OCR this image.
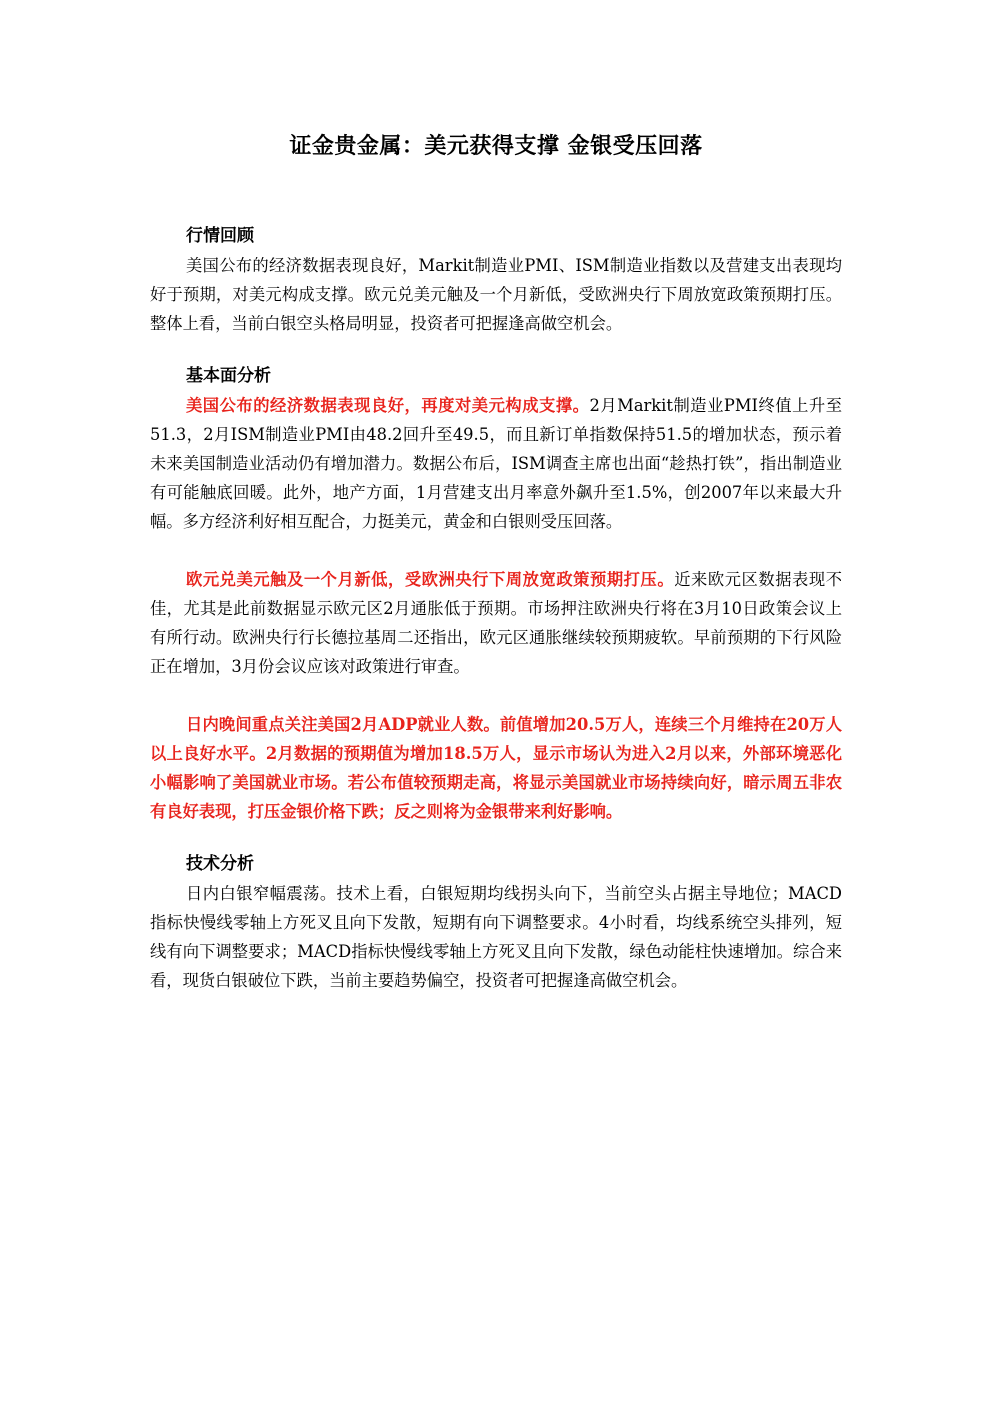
证金贵金属：美元获得支撑 金银受压回落

行情回顾

美国公布的经济数据表现良好，Markit制造业PMI、ISM制造业指数以及营建支出表现均好于预期，对美元构成支撑。欧元兑美元触及一个月新低，受欧洲央行下周放宽政策预期打压。整体上看，当前白银空头格局明显，投资者可把握逢高做空机会。

基本面分析

美国公布的经济数据表现良好，再度对美元构成支撑。2月Markit制造业PMI终值上升至51.3，2月ISM制造业PMI由48.2回升至49.5，而且新订单指数保持51.5的增加状态，预示着未来美国制造业活动仍有增加潜力。数据公布后，ISM调查主席也出面“趁热打铁”，指出制造业有可能触底回暖。此外，地产方面，1月营建支出月率意外飙升至1.5%，创2007年以来最大升幅。多方经济利好相互配合，力挺美元，黄金和白银则受压回落。

欧元兑美元触及一个月新低，受欧洲央行下周放宽政策预期打压。近来欧元区数据表现不佳，尤其是此前数据显示欧元区2月通胀低于预期。市场押注欧洲央行将在3月10日政策会议上有所行动。欧洲央行行长德拉基周二还指出，欧元区通胀继续较预期疲软。早前预期的下行风险正在增加，3月份会议应该对政策进行审查。

日内晚间重点关注美国2月ADP就业人数。前值增加20.5万人，连续三个月维持在20万人以上良好水平。2月数据的预期值为增加18.5万人，显示市场认为进入2月以来，外部环境恶化小幅影响了美国就业市场。若公布值较预期走高，将显示美国就业市场持续向好，暗示周五非农有良好表现，打压金银价格下跌；反之则将为金银带来利好影响。

技术分析

日内白银窄幅震荡。技术上看，白银短期均线拐头向下，当前空头占据主导地位；MACD指标快慢线零轴上方死叉且向下发散，短期有向下调整要求。4小时看，均线系统空头排列，短线有向下调整要求；MACD指标快慢线零轴上方死叉且向下发散，绿色动能柱快速增加。综合来看，现货白银破位下跌，当前主要趋势偏空，投资者可把握逢高做空机会。
